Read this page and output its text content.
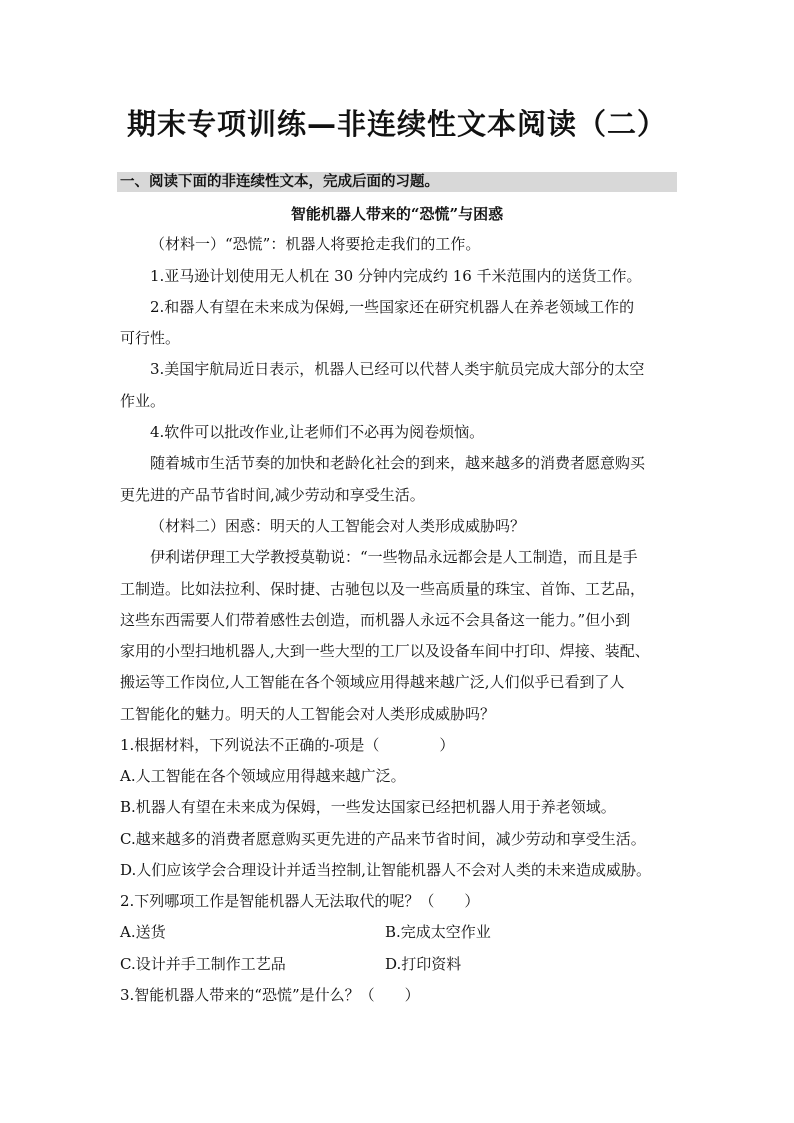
期末专项训练—非连续性文本阅读（二）
一、阅读下面的非连续性文本，完成后面的习题。
智能机器人带来的“恐慌”与困惑
（材料一）“恐慌”：机器人将要抢走我们的工作。
1.亚马逊计划使用无人机在 30 分钟内完成约 16 千米范围内的送货工作。
2.和器人有望在未来成为保姆,一些国家还在研究机器人在养老领域工作的
可行性。
3.美国宇航局近日表示，机器人已经可以代替人类宇航员完成大部分的太空
作业。
4.软件可以批改作业,让老师们不必再为阅卷烦恼。
随着城市生活节奏的加快和老龄化社会的到来，越来越多的消费者愿意购买
更先进的产品节省时间,减少劳动和享受生活。
（材料二）困惑：明天的人工智能会对人类形成威胁吗？
伊利诺伊理工大学教授莫勒说：“一些物品永远都会是人工制造，而且是手
工制造。比如法拉利、保时捷、古驰包以及一些高质量的珠宝、首饰、工艺品，
这些东西需要人们带着感性去创造，而机器人永远不会具备这一能力。”但小到
家用的小型扫地机器人,大到一些大型的工厂以及设备车间中打印、焊接、装配、
搬运等工作岗位,人工智能在各个领域应用得越来越广泛,人们似乎已看到了人
工智能化的魅力。明天的人工智能会对人类形成威胁吗？
1.根据材料，下列说法不正确的-项是（　　　　）
A.人工智能在各个领域应用得越来越广泛。
B.机器人有望在未来成为保姆，一些发达国家已经把机器人用于养老领域。
C.越来越多的消费者愿意购买更先进的产品来节省时间，减少劳动和享受生活。
D.人们应该学会合理设计并适当控制,让智能机器人不会对人类的未来造成威胁。
2.下列哪项工作是智能机器人无法取代的呢？（　　）
A.送货	B.完成太空作业
C.设计并手工制作工艺品	D.打印资料
3.智能机器人带来的“恐慌”是什么？（　　）
